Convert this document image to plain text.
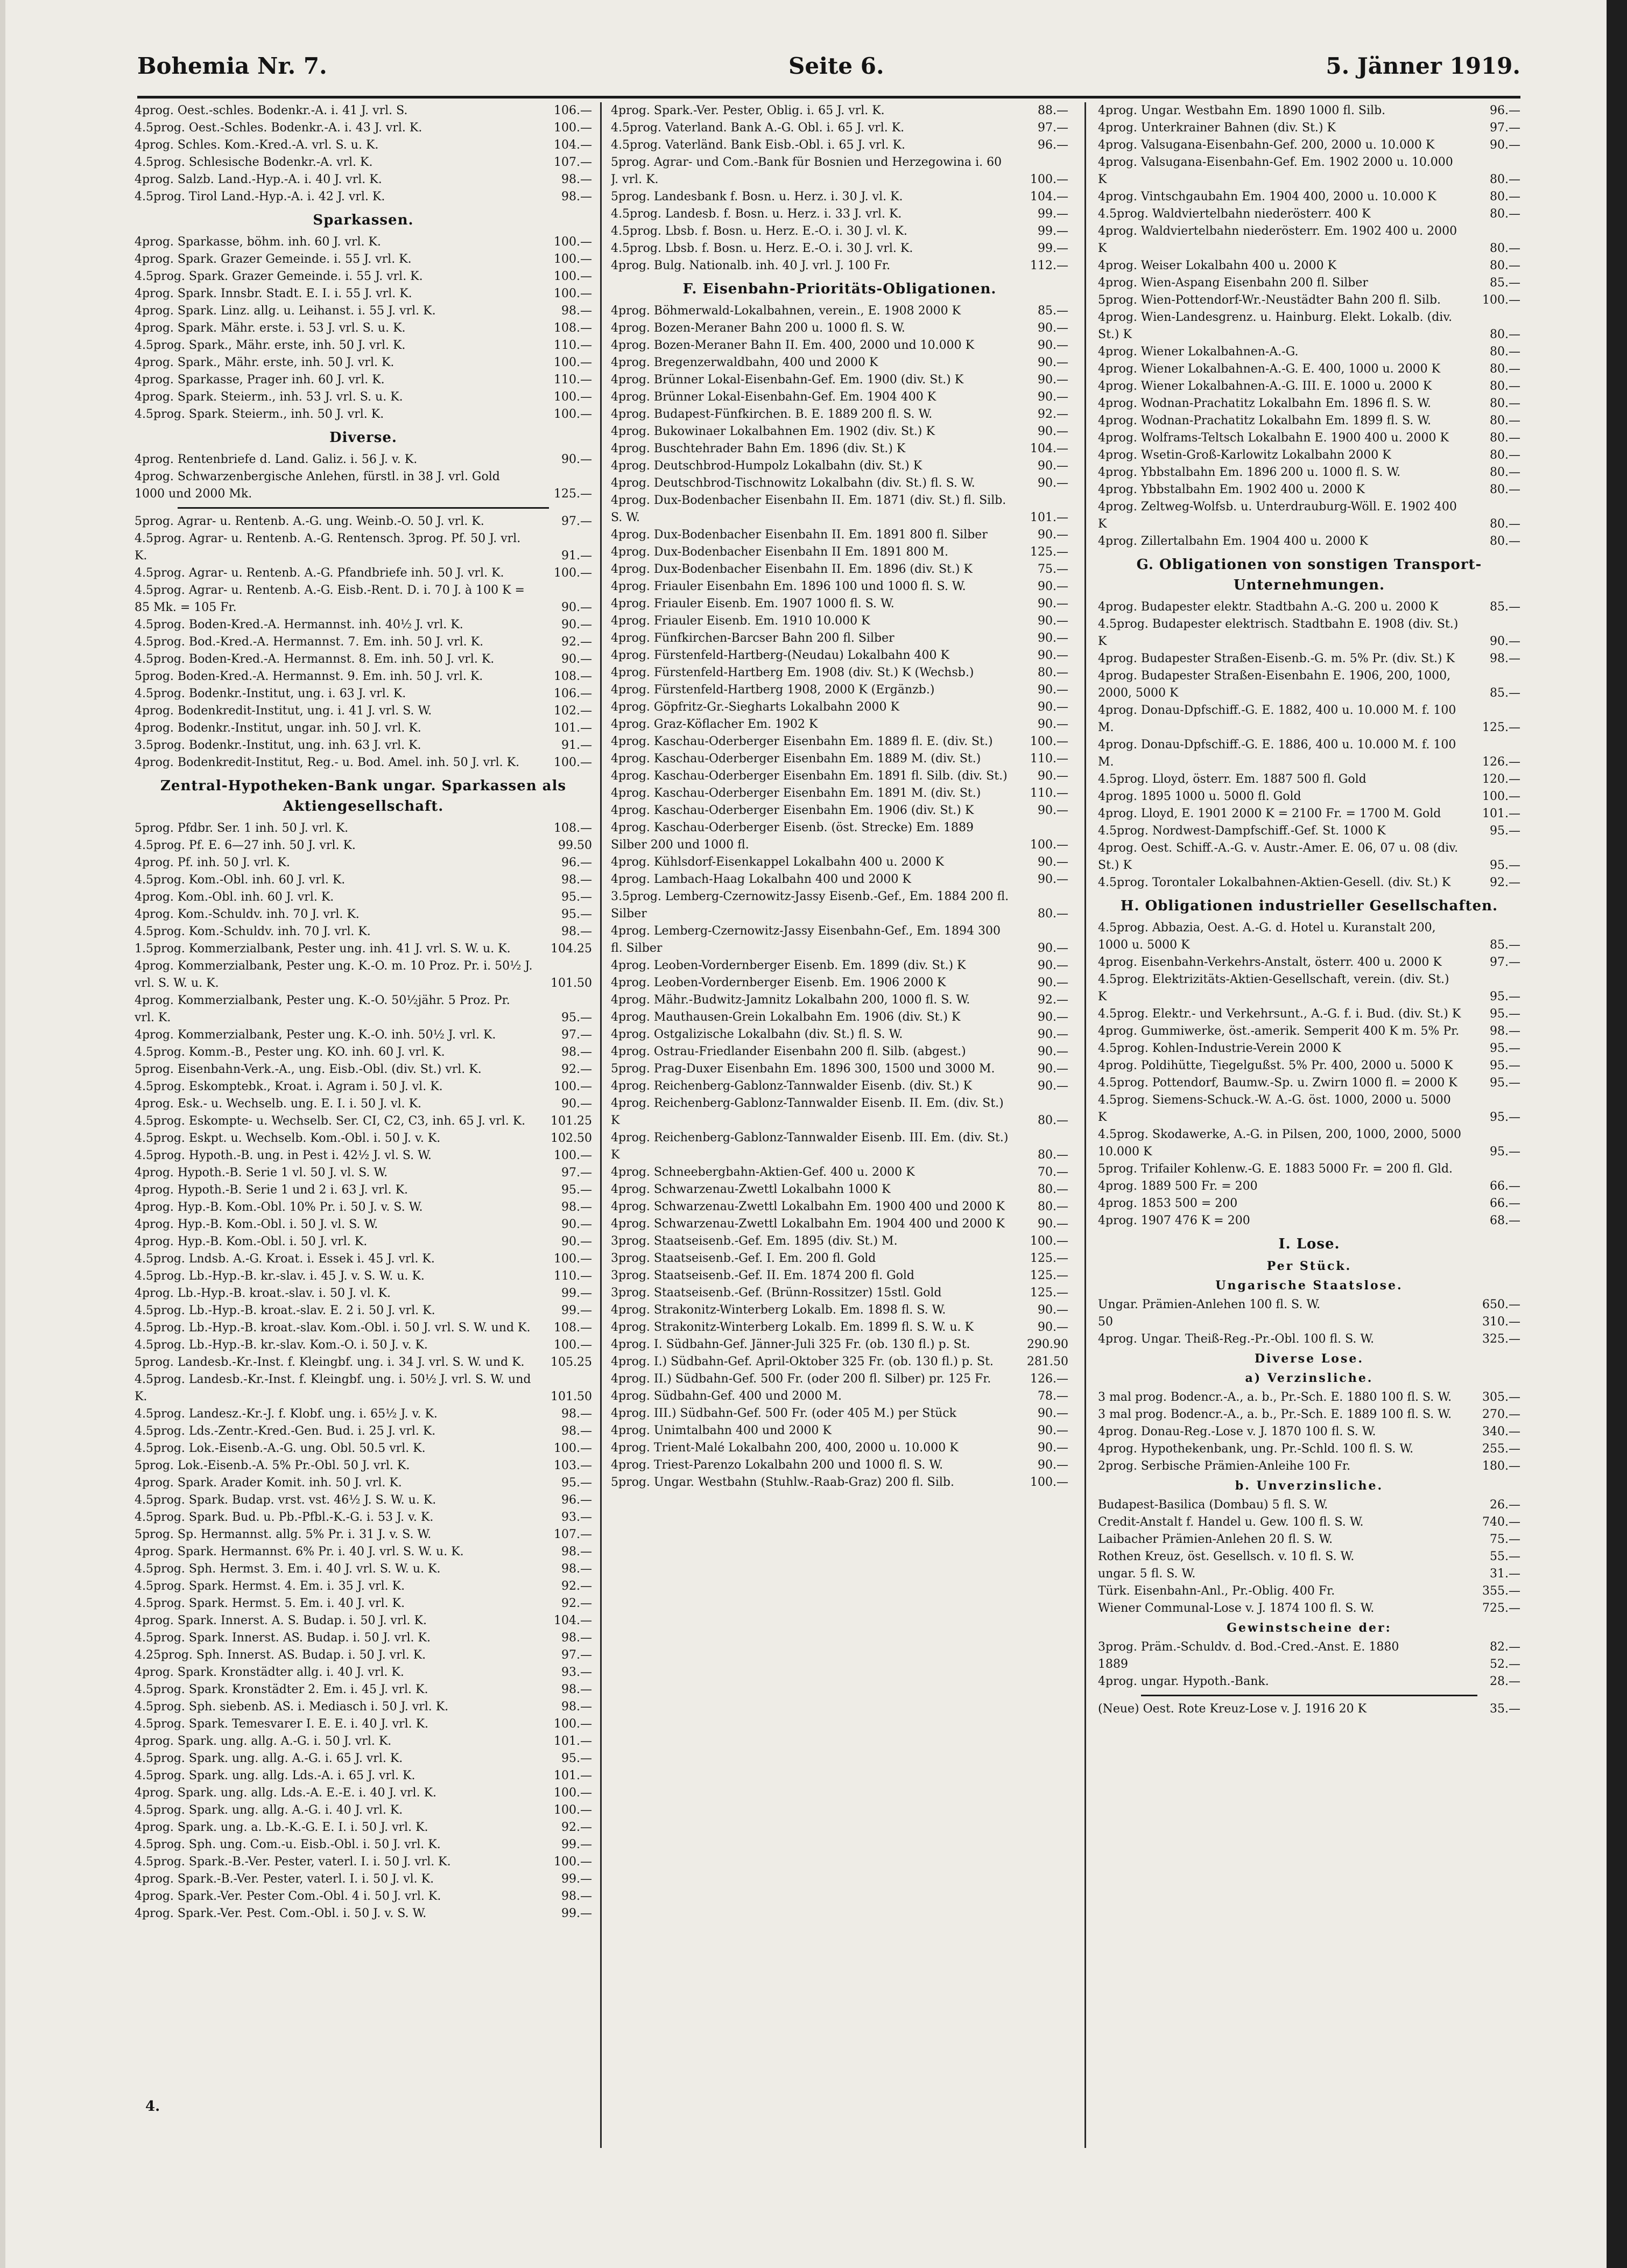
Bohemia Nr. 7.	Seite 6.	5. Jänner 1919.
4prog. Oest.-schles. Bodenkr.-A. i. 41 J. vrl. S.	106.—
4.5prog. Oest.-Schles. Bodenkr.-A. i. 43 J. vrl. K.	100.—
4prog. Schles. Kom.-Kred.-A. vrl. S. u. K.	104.—
4.5prog. Schlesische Bodenkr.-A. vrl. K.	107.—
4prog. Salzb. Land.-Hyp.-A. i. 40 J. vrl. K.	98.—
4.5prog. Tirol Land.-Hyp.-A. i. 42 J. vrl. K.	98.—
Sparkassen.
4prog. Sparkasse, böhm. inh. 60 J. vrl. K.	100.—
4prog. Spark. Grazer Gemeinde. i. 55 J. vrl. K.	100.—
4.5prog. Spark. Grazer Gemeinde. i. 55 J. vrl. K.	100.—
4prog. Spark. Innsbr. Stadt. E. I. i. 55 J. vrl. K.	100.—
4prog. Spark. Linz. allg. u. Leihanst. i. 55 J. vrl. K.	98.—
4prog. Spark. Mähr. erste. i. 53 J. vrl. S. u. K.	108.—
4.5prog. Spark., Mähr. erste, inh. 50 J. vrl. K.	110.—
4prog. Spark., Mähr. erste, inh. 50 J. vrl. K.	100.—
4prog. Sparkasse, Prager inh. 60 J. vrl. K.	110.—
4prog. Spark. Steierm., inh. 53 J. vrl. S. u. K.	100.—
4.5prog. Spark. Steierm., inh. 50 J. vrl. K.	100.—
Diverse.
4prog. Rentenbriefe d. Land. Galiz. i. 56 J. v. K.	90.—
4prog. Schwarzenbergische Anlehen, fürstl. in 38 J. vrl. Gold 1000 und 2000 Mk.	125.—
5prog. Agrar- u. Rentenb. A.-G. ung. Weinb.-O. 50 J. vrl. K.	97.—
4.5prog. Agrar- u. Rentenb. A.-G. Rentensch. 3prog. Pf. 50 J. vrl. K.	91.—
4.5prog. Agrar- u. Rentenb. A.-G. Pfandbriefe inh. 50 J. vrl. K.	100.—
4.5prog. Agrar- u. Rentenb. A.-G. Eisb.-Rent. D. i. 70 J. à 100 K = 85 Mk. = 105 Fr.	90.—
4.5prog. Boden-Kred.-A. Hermannst. inh. 40½ J. vrl. K.	90.—
4.5prog. Bod.-Kred.-A. Hermannst. 7. Em. inh. 50 J. vrl. K.	92.—
4.5prog. Boden-Kred.-A. Hermannst. 8. Em. inh. 50 J. vrl. K.	90.—
5prog. Boden-Kred.-A. Hermannst. 9. Em. inh. 50 J. vrl. K.	108.—
4.5prog. Bodenkr.-Institut, ung. i. 63 J. vrl. K.	106.—
4prog. Bodenkredit-Institut, ung. i. 41 J. vrl. S. W.	102.—
4prog. Bodenkr.-Institut, ungar. inh. 50 J. vrl. K.	101.—
3.5prog. Bodenkr.-Institut, ung. inh. 63 J. vrl. K.	91.—
4prog. Bodenkredit-Institut, Reg.- u. Bod. Amel. inh. 50 J. vrl. K.	100.—
Zentral-Hypotheken-Bank ungar. Sparkassen als Aktiengesellschaft.
5prog. Pfdbr. Ser. 1 inh. 50 J. vrl. K.	108.—
4.5prog. Pf. E. 6—27 inh. 50 J. vrl. K.	99.50
4prog. Pf. inh. 50 J. vrl. K.	96.—
4.5prog. Kom.-Obl. inh. 60 J. vrl. K.	98.—
4prog. Kom.-Obl. inh. 60 J. vrl. K.	95.—
4prog. Kom.-Schuldv. inh. 70 J. vrl. K.	95.—
4.5prog. Kom.-Schuldv. inh. 70 J. vrl. K.	98.—
1.5prog. Kommerzialbank, Pester ung. inh. 41 J. vrl. S. W. u. K.	104.25
4prog. Kommerzialbank, Pester ung. K.-O. m. 10 Proz. Pr. i. 50½ J. vrl. S. W. u. K.	101.50
4prog. Kommerzialbank, Pester ung. K.-O. 50½jähr. 5 Proz. Pr. vrl. K.	95.—
4prog. Kommerzialbank, Pester ung. K.-O. inh. 50½ J. vrl. K.	97.—
4.5prog. Komm.-B., Pester ung. KO. inh. 60 J. vrl. K.	98.—
5prog. Eisenbahn-Verk.-A., ung. Eisb.-Obl. (div. St.) vrl. K.	92.—
4.5prog. Eskomptebk., Kroat. i. Agram i. 50 J. vl. K.	100.—
4prog. Esk.- u. Wechselb. ung. E. I. i. 50 J. vl. K.	90.—
4.5prog. Eskompte- u. Wechselb. Ser. CI, C2, C3, inh. 65 J. vrl. K.	101.25
4.5prog. Eskpt. u. Wechselb. Kom.-Obl. i. 50 J. v. K.	102.50
4.5prog. Hypoth.-B. ung. in Pest i. 42½ J. vl. S. W.	100.—
4prog. Hypoth.-B. Serie 1 vl. 50 J. vl. S. W.	97.—
4prog. Hypoth.-B. Serie 1 und 2 i. 63 J. vrl. K.	95.—
4prog. Hyp.-B. Kom.-Obl. 10% Pr. i. 50 J. v. S. W.	98.—
4prog. Hyp.-B. Kom.-Obl. i. 50 J. vl. S. W.	90.—
4prog. Hyp.-B. Kom.-Obl. i. 50 J. vrl. K.	90.—
4.5prog. Lndsb. A.-G. Kroat. i. Essek i. 45 J. vrl. K.	100.—
4.5prog. Lb.-Hyp.-B. kr.-slav. i. 45 J. v. S. W. u. K.	110.—
4prog. Lb.-Hyp.-B. kroat.-slav. i. 50 J. vl. K.	99.—
4.5prog. Lb.-Hyp.-B. kroat.-slav. E. 2 i. 50 J. vrl. K.	99.—
4.5prog. Lb.-Hyp.-B. kroat.-slav. Kom.-Obl. i. 50 J. vrl. S. W. und K.	108.—
4.5prog. Lb.-Hyp.-B. kr.-slav. Kom.-O. i. 50 J. v. K.	100.—
5prog. Landesb.-Kr.-Inst. f. Kleingbf. ung. i. 34 J. vrl. S. W. und K.	105.25
4.5prog. Landesb.-Kr.-Inst. f. Kleingbf. ung. i. 50½ J. vrl. S. W. und K.	101.50
4.5prog. Landesz.-Kr.-J. f. Klobf. ung. i. 65½ J. v. K.	98.—
4.5prog. Lds.-Zentr.-Kred.-Gen. Bud. i. 25 J. vrl. K.	98.—
4.5prog. Lok.-Eisenb.-A.-G. ung. Obl. 50.5 vrl. K.	100.—
5prog. Lok.-Eisenb.-A. 5% Pr.-Obl. 50 J. vrl. K.	103.—
4prog. Spark. Arader Komit. inh. 50 J. vrl. K.	95.—
4.5prog. Spark. Budap. vrst. vst. 46½ J. S. W. u. K.	96.—
4.5prog. Spark. Bud. u. Pb.-Pfbl.-K.-G. i. 53 J. v. K.	93.—
5prog. Sp. Hermannst. allg. 5% Pr. i. 31 J. v. S. W.	107.—
4prog. Spark. Hermannst. 6% Pr. i. 40 J. vrl. S. W. u. K.	98.—
4.5prog. Sph. Hermst. 3. Em. i. 40 J. vrl. S. W. u. K.	98.—
4.5prog. Spark. Hermst. 4. Em. i. 35 J. vrl. K.	92.—
4.5prog. Spark. Hermst. 5. Em. i. 40 J. vrl. K.	92.—
4prog. Spark. Innerst. A. S. Budap. i. 50 J. vrl. K.	104.—
4.5prog. Spark. Innerst. AS. Budap. i. 50 J. vrl. K.	98.—
4.25prog. Sph. Innerst. AS. Budap. i. 50 J. vrl. K.	97.—
4prog. Spark. Kronstädter allg. i. 40 J. vrl. K.	93.—
4.5prog. Spark. Kronstädter 2. Em. i. 45 J. vrl. K.	98.—
4.5prog. Sph. siebenb. AS. i. Mediasch i. 50 J. vrl. K.	98.—
4.5prog. Spark. Temesvarer I. E. E. i. 40 J. vrl. K.	100.—
4prog. Spark. ung. allg. A.-G. i. 50 J. vrl. K.	101.—
4.5prog. Spark. ung. allg. A.-G. i. 65 J. vrl. K.	95.—
4.5prog. Spark. ung. allg. Lds.-A. i. 65 J. vrl. K.	101.—
4prog. Spark. ung. allg. Lds.-A. E.-E. i. 40 J. vrl. K.	100.—
4.5prog. Spark. ung. allg. A.-G. i. 40 J. vrl. K.	100.—
4prog. Spark. ung. a. Lb.-K.-G. E. I. i. 50 J. vrl. K.	92.—
4.5prog. Sph. ung. Com.-u. Eisb.-Obl. i. 50 J. vrl. K.	99.—
4.5prog. Spark.-B.-Ver. Pester, vaterl. I. i. 50 J. vrl. K.	100.—
4prog. Spark.-B.-Ver. Pester, vaterl. I. i. 50 J. vl. K.	99.—
4prog. Spark.-Ver. Pester Com.-Obl. 4 i. 50 J. vrl. K.	98.—
4prog. Spark.-Ver. Pest. Com.-Obl. i. 50 J. v. S. W.	99.—
4prog. Spark.-Ver. Pester, Oblig. i. 65 J. vrl. K.	88.—
4.5prog. Vaterland. Bank A.-G. Obl. i. 65 J. vrl. K.	97.—
4.5prog. Vaterländ. Bank Eisb.-Obl. i. 65 J. vrl. K.	96.—
5prog. Agrar- und Com.-Bank für Bosnien und Herzegowina i. 60 J. vrl. K.	100.—
5prog. Landesbank f. Bosn. u. Herz. i. 30 J. vl. K.	104.—
4.5prog. Landesb. f. Bosn. u. Herz. i. 33 J. vrl. K.	99.—
4.5prog. Lbsb. f. Bosn. u. Herz. E.-O. i. 30 J. vl. K.	99.—
4.5prog. Lbsb. f. Bosn. u. Herz. E.-O. i. 30 J. vrl. K.	99.—
4prog. Bulg. Nationalb. inh. 40 J. vrl. J. 100 Fr.	112.—
F. Eisenbahn-Prioritäts-Obligationen.
4prog. Böhmerwald-Lokalbahnen, verein., E. 1908 2000 K	85.—
4prog. Bozen-Meraner Bahn 200 u. 1000 fl. S. W.	90.—
4prog. Bozen-Meraner Bahn II. Em. 400, 2000 und 10.000 K	90.—
4prog. Bregenzerwaldbahn, 400 und 2000 K	90.—
4prog. Brünner Lokal-Eisenbahn-Gef. Em. 1900 (div. St.) K	90.—
4prog. Brünner Lokal-Eisenbahn-Gef. Em. 1904 400 K	90.—
4prog. Budapest-Fünfkirchen. B. E. 1889 200 fl. S. W.	92.—
4prog. Bukowinaer Lokalbahnen Em. 1902 (div. St.) K	90.—
4prog. Buschtehrader Bahn Em. 1896 (div. St.) K	104.—
4prog. Deutschbrod-Humpolz Lokalbahn (div. St.) K	90.—
4prog. Deutschbrod-Tischnowitz Lokalbahn (div. St.) fl. S. W.	90.—
4prog. Dux-Bodenbacher Eisenbahn II. Em. 1871 (div. St.) fl. Silb. S. W.	101.—
4prog. Dux-Bodenbacher Eisenbahn II. Em. 1891 800 fl. Silber	90.—
4prog. Dux-Bodenbacher Eisenbahn II Em. 1891 800 M.	125.—
4prog. Dux-Bodenbacher Eisenbahn II. Em. 1896 (div. St.) K	75.—
4prog. Friauler Eisenbahn Em. 1896 100 und 1000 fl. S. W.	90.—
4prog. Friauler Eisenb. Em. 1907 1000 fl. S. W.	90.—
4prog. Friauler Eisenb. Em. 1910 10.000 K	90.—
4prog. Fünfkirchen-Barcser Bahn 200 fl. Silber	90.—
4prog. Fürstenfeld-Hartberg-(Neudau) Lokalbahn 400 K	90.—
4prog. Fürstenfeld-Hartberg Em. 1908 (div. St.) K (Wechsb.)	80.—
4prog. Fürstenfeld-Hartberg 1908, 2000 K (Ergänzb.)	90.—
4prog. Göpfritz-Gr.-Siegharts Lokalbahn 2000 K	90.—
4prog. Graz-Köflacher Em. 1902 K	90.—
4prog. Kaschau-Oderberger Eisenbahn Em. 1889 fl. E. (div. St.)	100.—
4prog. Kaschau-Oderberger Eisenbahn Em. 1889 M. (div. St.)	110.—
4prog. Kaschau-Oderberger Eisenbahn Em. 1891 fl. Silb. (div. St.)	90.—
4prog. Kaschau-Oderberger Eisenbahn Em. 1891 M. (div. St.)	110.—
4prog. Kaschau-Oderberger Eisenbahn Em. 1906 (div. St.) K	90.—
4prog. Kaschau-Oderberger Eisenb. (öst. Strecke) Em. 1889 Silber 200 und 1000 fl.	100.—
4prog. Kühlsdorf-Eisenkappel Lokalbahn 400 u. 2000 K	90.—
4prog. Lambach-Haag Lokalbahn 400 und 2000 K	90.—
3.5prog. Lemberg-Czernowitz-Jassy Eisenb.-Gef., Em. 1884 200 fl. Silber	80.—
4prog. Lemberg-Czernowitz-Jassy Eisenbahn-Gef., Em. 1894 300 fl. Silber	90.—
4prog. Leoben-Vordernberger Eisenb. Em. 1899 (div. St.) K	90.—
4prog. Leoben-Vordernberger Eisenb. Em. 1906 2000 K	90.—
4prog. Mähr.-Budwitz-Jamnitz Lokalbahn 200, 1000 fl. S. W.	92.—
4prog. Mauthausen-Grein Lokalbahn Em. 1906 (div. St.) K	90.—
4prog. Ostgalizische Lokalbahn (div. St.) fl. S. W.	90.—
4prog. Ostrau-Friedlander Eisenbahn 200 fl. Silb. (abgest.)	90.—
5prog. Prag-Duxer Eisenbahn Em. 1896 300, 1500 und 3000 M.	90.—
4prog. Reichenberg-Gablonz-Tannwalder Eisenb. (div. St.) K	90.—
4prog. Reichenberg-Gablonz-Tannwalder Eisenb. II. Em. (div. St.) K	80.—
4prog. Reichenberg-Gablonz-Tannwalder Eisenb. III. Em. (div. St.) K	80.—
4prog. Schneebergbahn-Aktien-Gef. 400 u. 2000 K	70.—
4prog. Schwarzenau-Zwettl Lokalbahn 1000 K	80.—
4prog. Schwarzenau-Zwettl Lokalbahn Em. 1900 400 und 2000 K	80.—
4prog. Schwarzenau-Zwettl Lokalbahn Em. 1904 400 und 2000 K	90.—
3prog. Staatseisenb.-Gef. Em. 1895 (div. St.) M.	100.—
3prog. Staatseisenb.-Gef. I. Em. 200 fl. Gold	125.—
3prog. Staatseisenb.-Gef. II. Em. 1874 200 fl. Gold	125.—
3prog. Staatseisenb.-Gef. (Brünn-Rossitzer) 15stl. Gold	125.—
4prog. Strakonitz-Winterberg Lokalb. Em. 1898 fl. S. W.	90.—
4prog. Strakonitz-Winterberg Lokalb. Em. 1899 fl. S. W. u. K	90.—
4prog. I. Südbahn-Gef. Jänner-Juli 325 Fr. (ob. 130 fl.) p. St.	290.90
4prog. I.) Südbahn-Gef. April-Oktober 325 Fr. (ob. 130 fl.) p. St.	281.50
4prog. II.) Südbahn-Gef. 500 Fr. (oder 200 fl. Silber) pr. 125 Fr.	126.—
4prog. Südbahn-Gef. 400 und 2000 M.	78.—
4prog. III.) Südbahn-Gef. 500 Fr. (oder 405 M.) per Stück	90.—
4prog. Unimtalbahn 400 und 2000 K	90.—
4prog. Trient-Malé Lokalbahn 200, 400, 2000 u. 10.000 K	90.—
4prog. Triest-Parenzo Lokalbahn 200 und 1000 fl. S. W.	90.—
5prog. Ungar. Westbahn (Stuhlw.-Raab-Graz) 200 fl. Silb.	100.—
4prog. Ungar. Westbahn Em. 1890 1000 fl. Silb.	96.—
4prog. Unterkrainer Bahnen (div. St.) K	97.—
4prog. Valsugana-Eisenbahn-Gef. 200, 2000 u. 10.000 K	90.—
4prog. Valsugana-Eisenbahn-Gef. Em. 1902 2000 u. 10.000 K	80.—
4prog. Vintschgaubahn Em. 1904 400, 2000 u. 10.000 K	80.—
4.5prog. Waldviertelbahn niederösterr. 400 K	80.—
4prog. Waldviertelbahn niederösterr. Em. 1902 400 u. 2000 K	80.—
4prog. Weiser Lokalbahn 400 u. 2000 K	80.—
4prog. Wien-Aspang Eisenbahn 200 fl. Silber	85.—
5prog. Wien-Pottendorf-Wr.-Neustädter Bahn 200 fl. Silb.	100.—
4prog. Wien-Landesgrenz. u. Hainburg. Elekt. Lokalb. (div. St.) K	80.—
4prog. Wiener Lokalbahnen-A.-G.	80.—
4prog. Wiener Lokalbahnen-A.-G. E. 400, 1000 u. 2000 K	80.—
4prog. Wiener Lokalbahnen-A.-G. III. E. 1000 u. 2000 K	80.—
4prog. Wodnan-Prachatitz Lokalbahn Em. 1896 fl. S. W.	80.—
4prog. Wodnan-Prachatitz Lokalbahn Em. 1899 fl. S. W.	80.—
4prog. Wolframs-Teltsch Lokalbahn E. 1900 400 u. 2000 K	80.—
4prog. Wsetin-Groß-Karlowitz Lokalbahn 2000 K	80.—
4prog. Ybbstalbahn Em. 1896 200 u. 1000 fl. S. W.	80.—
4prog. Ybbstalbahn Em. 1902 400 u. 2000 K	80.—
4prog. Zeltweg-Wolfsb. u. Unterdrauburg-Wöll. E. 1902 400 K	80.—
4prog. Zillertalbahn Em. 1904 400 u. 2000 K	80.—
G. Obligationen von sonstigen Transport-Unternehmungen.
4prog. Budapester elektr. Stadtbahn A.-G. 200 u. 2000 K	85.—
4.5prog. Budapester elektrisch. Stadtbahn E. 1908 (div. St.) K	90.—
4prog. Budapester Straßen-Eisenb.-G. m. 5% Pr. (div. St.) K	98.—
4prog. Budapester Straßen-Eisenbahn E. 1906, 200, 1000, 2000, 5000 K	85.—
4prog. Donau-Dpfschiff.-G. E. 1882, 400 u. 10.000 M. f. 100 M.	125.—
4prog. Donau-Dpfschiff.-G. E. 1886, 400 u. 10.000 M. f. 100 M.	126.—
4.5prog. Lloyd, österr. Em. 1887 500 fl. Gold	120.—
4prog. 1895 1000 u. 5000 fl. Gold	100.—
4prog. Lloyd, E. 1901 2000 K = 2100 Fr. = 1700 M. Gold	101.—
4.5prog. Nordwest-Dampfschiff.-Gef. St. 1000 K	95.—
4prog. Oest. Schiff.-A.-G. v. Austr.-Amer. E. 06, 07 u. 08 (div. St.) K	95.—
4.5prog. Torontaler Lokalbahnen-Aktien-Gesell. (div. St.) K	92.—
H. Obligationen industrieller Gesellschaften.
4.5prog. Abbazia, Oest. A.-G. d. Hotel u. Kuranstalt 200, 1000 u. 5000 K	85.—
4prog. Eisenbahn-Verkehrs-Anstalt, österr. 400 u. 2000 K	97.—
4.5prog. Elektrizitäts-Aktien-Gesellschaft, verein. (div. St.) K	95.—
4.5prog. Elektr.- und Verkehrsunt., A.-G. f. i. Bud. (div. St.) K	95.—
4prog. Gummiwerke, öst.-amerik. Semperit 400 K m. 5% Pr.	98.—
4.5prog. Kohlen-Industrie-Verein 2000 K	95.—
4prog. Poldihütte, Tiegelgußst. 5% Pr. 400, 2000 u. 5000 K	95.—
4.5prog. Pottendorf, Baumw.-Sp. u. Zwirn 1000 fl. = 2000 K	95.—
4.5prog. Siemens-Schuck.-W. A.-G. öst. 1000, 2000 u. 5000 K	95.—
4.5prog. Skodawerke, A.-G. in Pilsen, 200, 1000, 2000, 5000 10.000 K	95.—
5prog. Trifailer Kohlenw.-G. E. 1883 5000 Fr. = 200 fl. Gld.
4prog. 1889 500 Fr. = 200	66.—
4prog. 1853 500 = 200	66.—
4prog. 1907 476 K = 200	68.—
I. Lose.
Per Stück.
Ungarische Staatslose.
Ungar. Prämien-Anlehen 100 fl. S. W.	650.—
50	310.—
4prog. Ungar. Theiß-Reg.-Pr.-Obl. 100 fl. S. W.	325.—
Diverse Lose.
a) Verzinsliche.
3 mal prog. Bodencr.-A., a. b., Pr.-Sch. E. 1880 100 fl. S. W.	305.—
3 mal prog. Bodencr.-A., a. b., Pr.-Sch. E. 1889 100 fl. S. W.	270.—
4prog. Donau-Reg.-Lose v. J. 1870 100 fl. S. W.	340.—
4prog. Hypothekenbank, ung. Pr.-Schld. 100 fl. S. W.	255.—
2prog. Serbische Prämien-Anleihe 100 Fr.	180.—
b. Unverzinsliche.
Budapest-Basilica (Dombau) 5 fl. S. W.	26.—
Credit-Anstalt f. Handel u. Gew. 100 fl. S. W.	740.—
Laibacher Prämien-Anlehen 20 fl. S. W.	75.—
Rothen Kreuz, öst. Gesellsch. v. 10 fl. S. W.	55.—
ungar. 5 fl. S. W.	31.—
Türk. Eisenbahn-Anl., Pr.-Oblig. 400 Fr.	355.—
Wiener Communal-Lose v. J. 1874 100 fl. S. W.	725.—
Gewinstscheine der:
3prog. Präm.-Schuldv. d. Bod.-Cred.-Anst. E. 1880	82.—
1889	52.—
4prog. ungar. Hypoth.-Bank.	28.—
(Neue) Oest. Rote Kreuz-Lose v. J. 1916 20 K	35.—
4.
